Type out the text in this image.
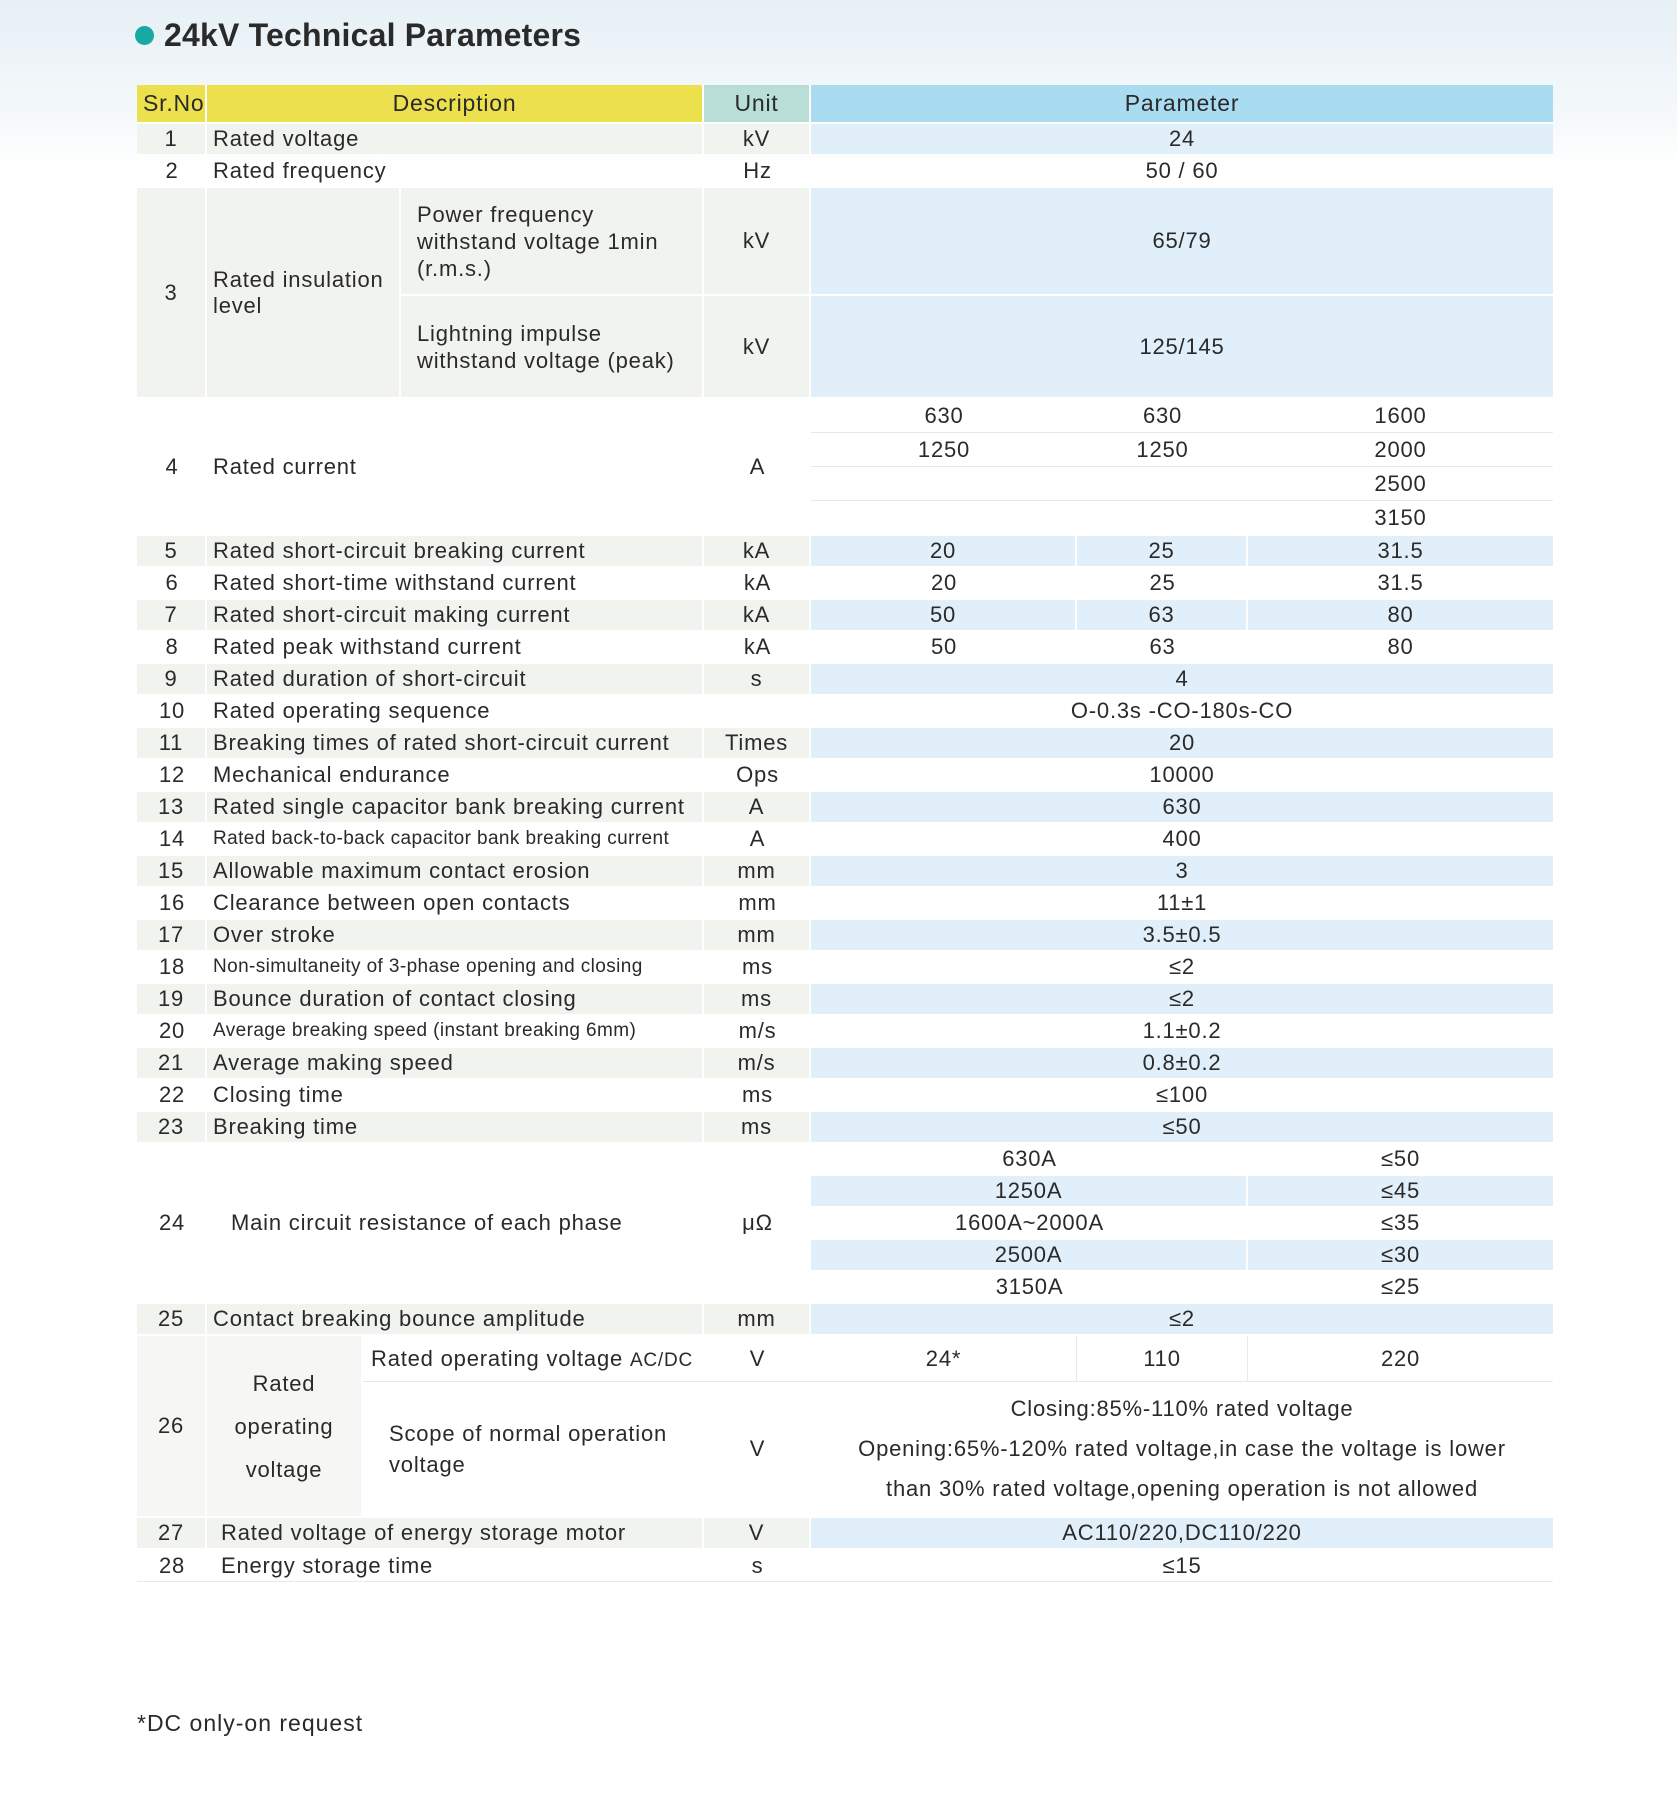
24kV Technical Parameters
Sr.No	Description			Unit	Parameter		
1	Rated voltage			kV	24		
2	Rated frequency			Hz	50 / 60		
3	Rated insulation level		Power frequency withstand voltage 1min (r.m.s.)	kV	65/79		
			Lightning impulse withstand voltage (peak)	kV	125/145		
4	Rated current			A	630	630	1600
					1250	1250	2000
							2500
							3150
5	Rated short-circuit breaking current			kA	20	25	31.5
6	Rated short-time withstand current			kA	20	25	31.5
7	Rated short-circuit making current			kA	50	63	80
8	Rated peak withstand current			kA	50	63	80
9	Rated duration of short-circuit			s	4		
10	Rated operating sequence				O-0.3s -CO-180s-CO		
11	Breaking times of rated short-circuit current			Times	20		
12	Mechanical endurance			Ops	10000		
13	Rated single capacitor bank breaking current			A	630		
14	Rated back-to-back capacitor bank breaking current			A	400		
15	Allowable maximum contact erosion			mm	3		
16	Clearance between open contacts			mm	11±1		
17	Over stroke			mm	3.5±0.5		
18	Non-simultaneity of 3-phase opening and closing			ms	≤2		
19	Bounce duration of contact closing			ms	≤2		
20	Average breaking speed (instant breaking 6mm)			m/s	1.1±0.2		
21	Average making speed			m/s	0.8±0.2		
22	Closing time			ms	≤100		
23	Breaking time			ms	≤50		
24	Main circuit resistance of each phase			μΩ	630A		≤50
					1250A		≤45
					1600A~2000A		≤35
					2500A		≤30
					3150A		≤25
25	Contact breaking bounce amplitude			mm	≤2		
26	Rated operating voltage	Rated operating voltage AC/DC		V	24*	110	220
		Scope of normal operation voltage		V	Closing:85%-110% rated voltage
Opening:65%-120% rated voltage,in case the voltage is lower
than 30% rated voltage,opening operation is not allowed		

27	Rated voltage of energy storage motor			V	AC110/220,DC110/220		
28	Energy storage time			s	≤15		
*DC only-on request
